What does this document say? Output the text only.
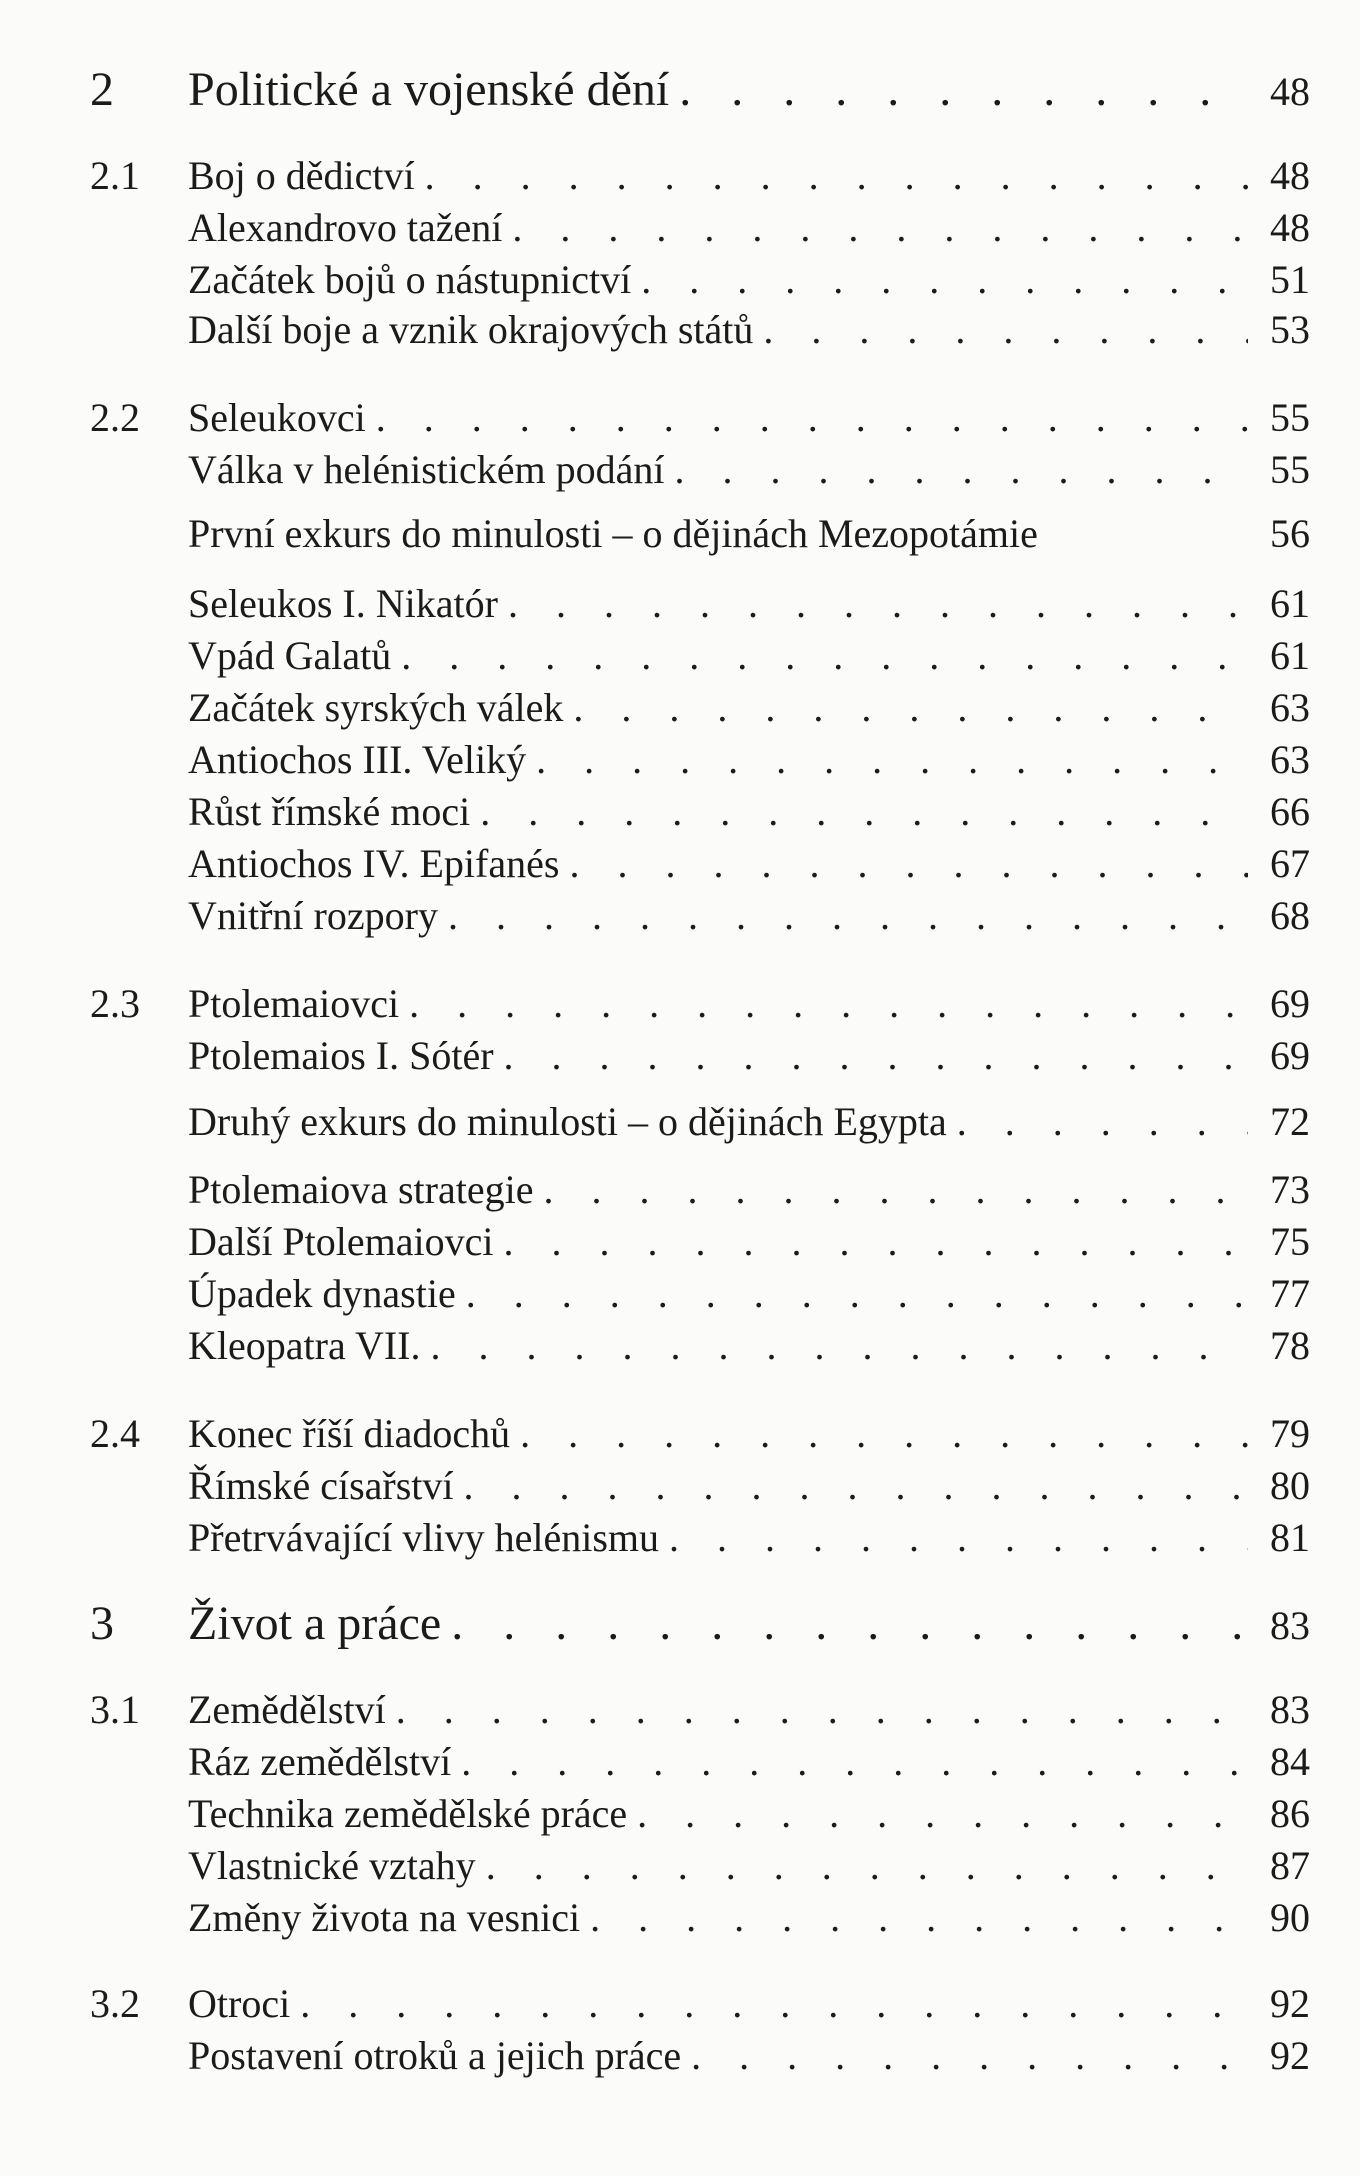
2	Politické a vojenské dění . . .	48
2.1	Boj o dědictví . . .	48
Alexandrovo tažení . . .	48
Začátek bojů o nástupnictví . . .	51
Další boje a vznik okrajových států . . .	53
2.2	Seleukovci . . .	55
Válka v helénistickém podání . . .	55
První exkurs do minulosti – o dějinách Mezopotámie	56
Seleukos I. Nikatór . . .	61
Vpád Galatů . . .	61
Začátek syrských válek . . .	63
Antiochos III. Veliký . . .	63
Růst římské moci . . .	66
Antiochos IV. Epifanés . . .	67
Vnitřní rozpory . . .	68
2.3	Ptolemaiovci . . .	69
Ptolemaios I. Sótér . . .	69
Druhý exkurs do minulosti – o dějinách Egypta . . .	72
Ptolemaiova strategie . . .	73
Další Ptolemaiovci . . .	75
Úpadek dynastie . . .	77
Kleopatra VII. . . .	78
2.4	Konec říší diadochů . . .	79
Římské císařství . . .	80
Přetrvávající vlivy helénismu . . .	81
3	Život a práce . . .	83
3.1	Zemědělství . . .	83
Ráz zemědělství . . .	84
Technika zemědělské práce . . .	86
Vlastnické vztahy . . .	87
Změny života na vesnici . . .	90
3.2	Otroci . . .	92
Postavení otroků a jejich práce . . .	92
